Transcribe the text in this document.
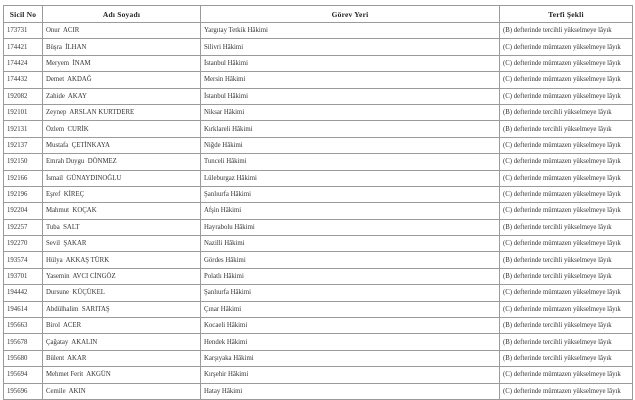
Sicil No	Adı Soyadı	Görev Yeri	Terfi Şekli
173731	Onur  ACIR	Yargıtay Tetkik Hâkimi	(B) defterinde tercihli yükselmeye lâyık
174421	Büşra  İLHAN	Silivri Hâkimi	(C) defterinde mümtazen yükselmeye lâyık
174424	Meryem  İNAM	İstanbul Hâkimi	(C) defterinde mümtazen yükselmeye lâyık
174432	Demet  AKDAĞ	Mersin Hâkimi	(C) defterinde mümtazen yükselmeye lâyık
192082	Zahide  AKAY	İstanbul Hâkimi	(C) defterinde mümtazen yükselmeye lâyık
192101	Zeynep  ARSLAN KURTDERE	Niksar Hâkimi	(B) defterinde tercihli yükselmeye lâyık
192131	Özlem  CURİK	Kırklareli Hâkimi	(B) defterinde tercihli yükselmeye lâyık
192137	Mustafa  ÇETİNKAYA	Niğde Hâkimi	(C) defterinde mümtazen yükselmeye lâyık
192150	Emrah Duygu  DÖNMEZ	Tunceli Hâkimi	(C) defterinde mümtazen yükselmeye lâyık
192166	İsmail  GÜNAYDINOĞLU	Lüleburgaz Hâkimi	(C) defterinde mümtazen yükselmeye lâyık
192196	Eşref  KİREÇ	Şanlıurfa Hâkimi	(C) defterinde mümtazen yükselmeye lâyık
192204	Mahmut  KOÇAK	Afşin Hâkimi	(C) defterinde mümtazen yükselmeye lâyık
192257	Tuba  SALT	Hayrabolu Hâkimi	(B) defterinde tercihli yükselmeye lâyık
192270	Sevil  ŞAKAR	Nazilli Hâkimi	(C) defterinde mümtazen yükselmeye lâyık
193574	Hülya  AKKAŞ TÜRK	Gördes Hâkimi	(B) defterinde tercihli yükselmeye lâyık
193701	Yasemin  AVCI CİNGÖZ	Polatlı Hâkimi	(B) defterinde tercihli yükselmeye lâyık
194442	Dursune  KÜÇÜKEL	Şanlıurfa Hâkimi	(C) defterinde mümtazen yükselmeye lâyık
194614	Abdülhalim  SARITAŞ	Çınar Hâkimi	(C) defterinde mümtazen yükselmeye lâyık
195663	Birol  ACER	Kocaeli Hâkimi	(B) defterinde tercihli yükselmeye lâyık
195678	Çağatay  AKALIN	Hendek Hâkimi	(B) defterinde tercihli yükselmeye lâyık
195680	Bülent  AKAR	Karşıyaka Hâkimi	(B) defterinde tercihli yükselmeye lâyık
195694	Mehmet Ferit  AKGÜN	Kırşehir Hâkimi	(C) defterinde mümtazen yükselmeye lâyık
195696	Cemile  AKIN	Hatay Hâkimi	(C) defterinde mümtazen yükselmeye lâyık
